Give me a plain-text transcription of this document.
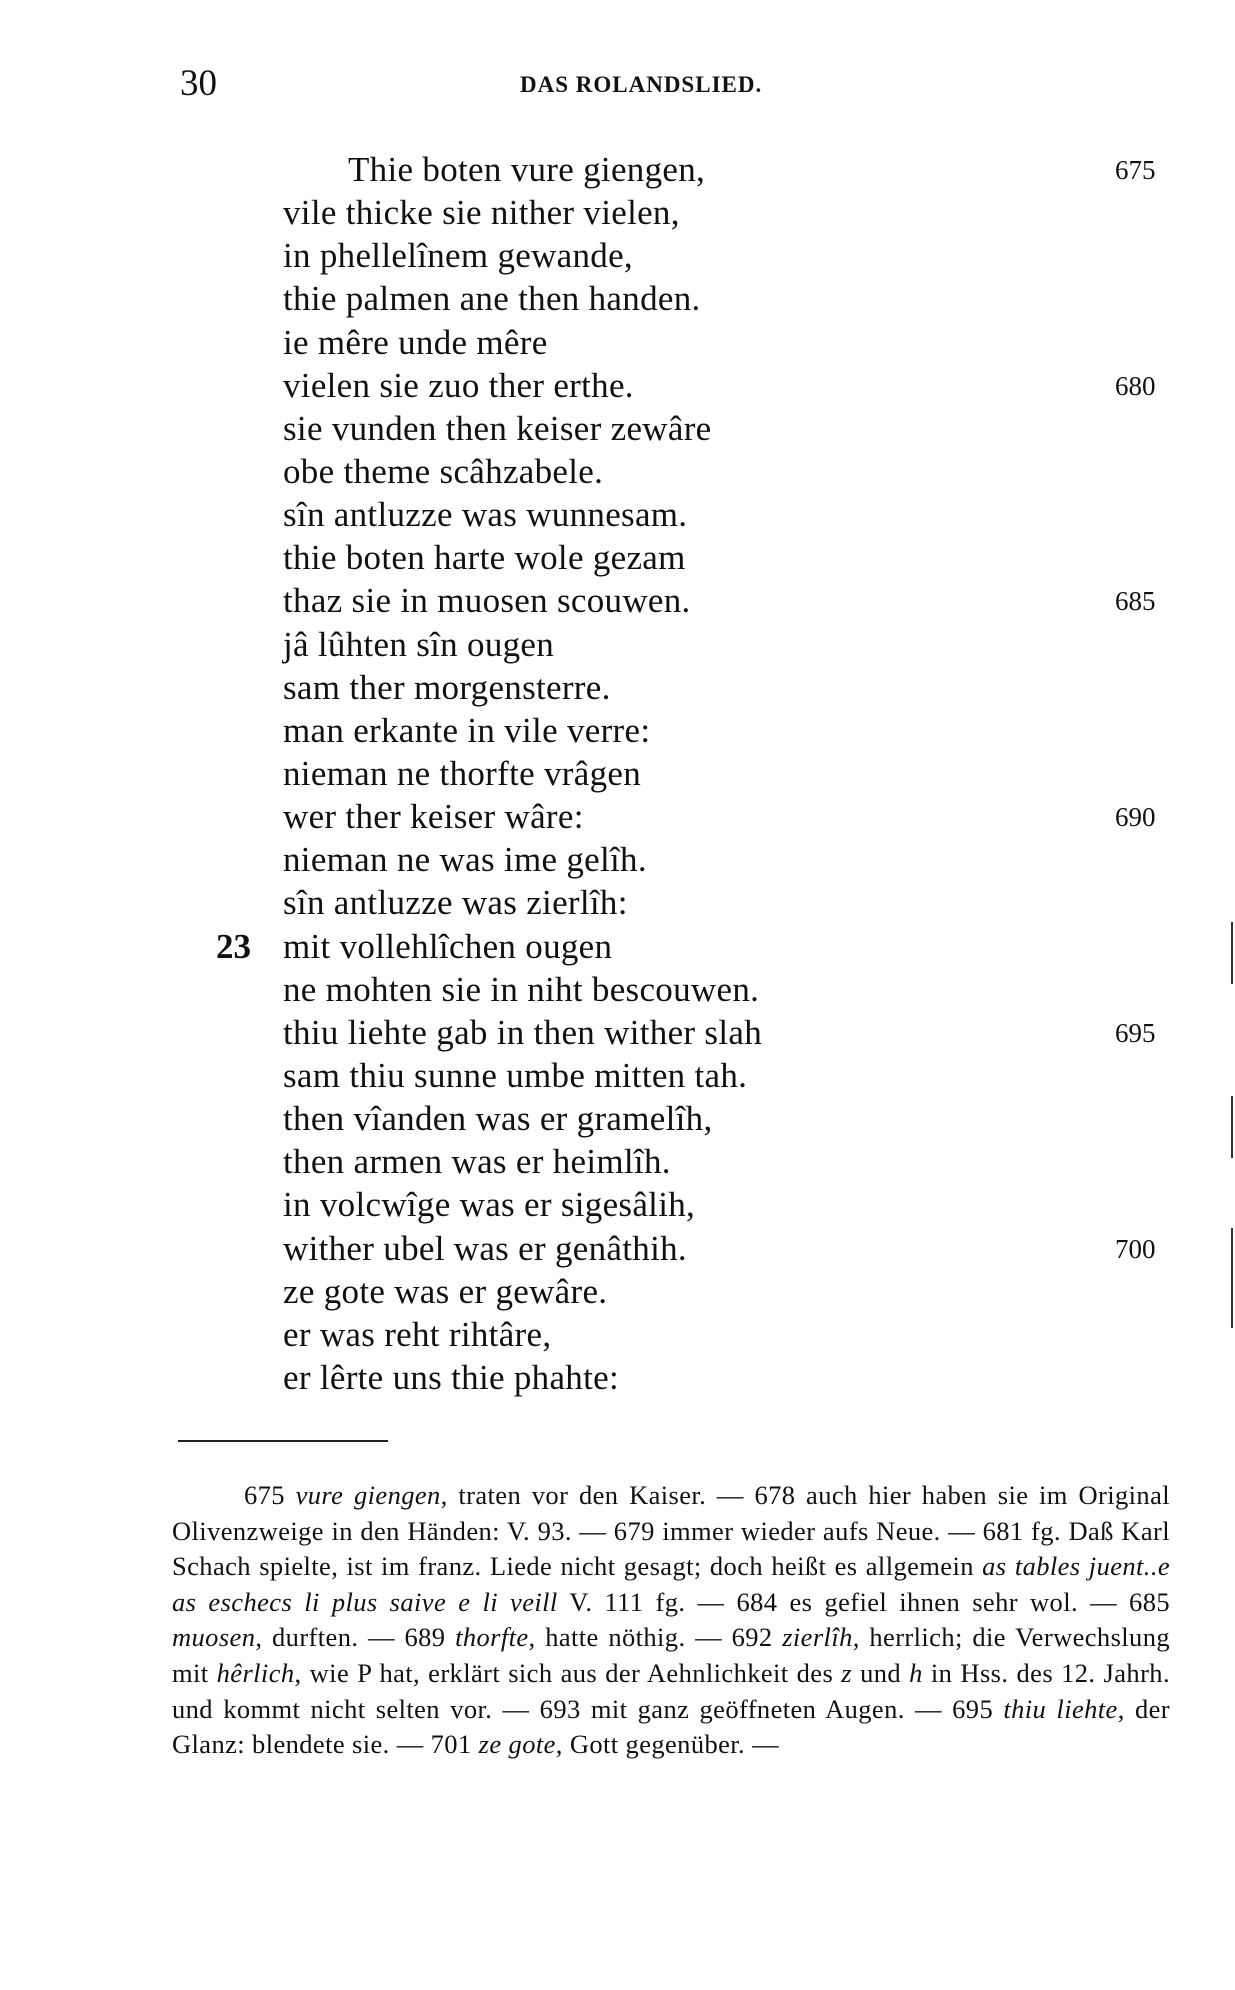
30	DAS ROLANDSLIED.
Thie boten vure giengen,	675
vile thicke sie nither vielen,
in phellelînem gewande,
thie palmen ane then handen.
ie mêre unde mêre
vielen sie zuo ther erthe.	680
sie vunden then keiser zewâre
obe theme scâhzabele.
sîn antluzze was wunnesam.
thie boten harte wole gezam
thaz sie in muosen scouwen.	685
jâ lûhten sîn ougen
sam ther morgensterre.
man erkante in vile verre:
nieman ne thorfte vrâgen
wer ther keiser wâre:	690
nieman ne was ime gelîh.
sîn antluzze was zierlîh:
23 mit vollehlîchen ougen
ne mohten sie in niht bescouwen.
thiu liehte gab in then wither slah	695
sam thiu sunne umbe mitten tah.
then vîanden was er gramelîh,
then armen was er heimlîh.
in volcwîge was er sigesâlih,
wither ubel was er genâthih.	700
ze gote was er gewâre.
er was reht rihtâre,
er lêrte uns thie phahte:

675 vure giengen, traten vor den Kaiser. — 678 auch hier haben sie im Original Olivenzweige in den Händen: V. 93. — 679 immer wieder aufs Neue. — 681 fg. Daß Karl Schach spielte, ist im franz. Liede nicht gesagt; doch heißt es allgemein as tables juent..e as eschecs li plus saive e li veill V. 111 fg. — 684 es gefiel ihnen sehr wol. — 685 muosen, durften. — 689 thorfte, hatte nöthig. — 692 zierlîh, herrlich; die Verwechslung mit hêrlich, wie P hat, erklärt sich aus der Aehnlichkeit des z und h in Hss. des 12. Jahrh. und kommt nicht selten vor. — 693 mit ganz geöffneten Augen. — 695 thiu liehte, der Glanz: blendete sie. — 701 ze gote, Gott gegenüber. —
